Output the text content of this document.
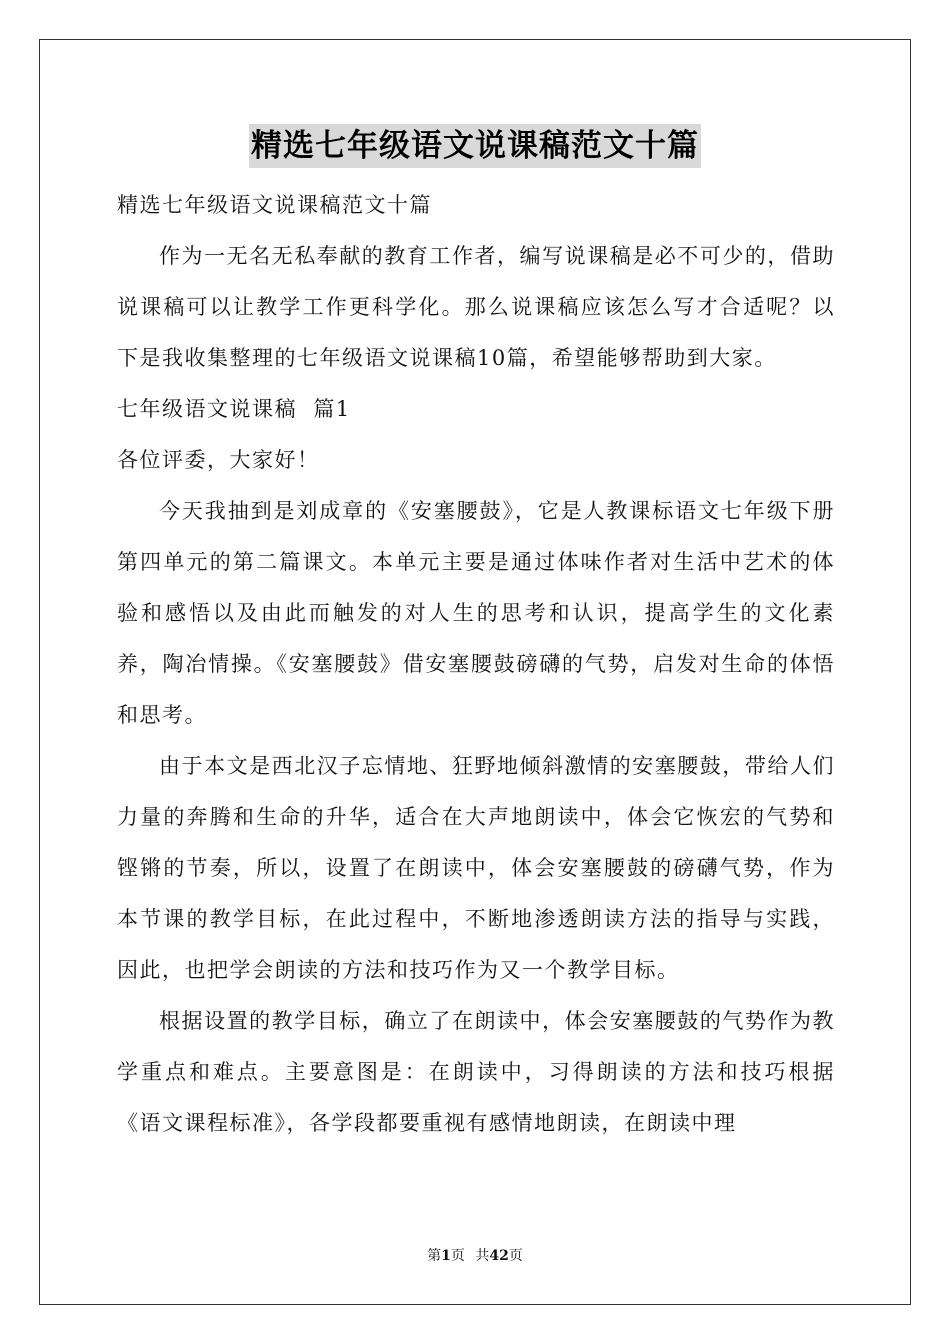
精选七年级语文说课稿范文十篇

精选七年级语文说课稿范文十篇

作为一无名无私奉献的教育工作者，编写说课稿是必不可少的，借助说课稿可以让教学工作更科学化。那么说课稿应该怎么写才合适呢？以下是我收集整理的七年级语文说课稿10篇，希望能够帮助到大家。

七年级语文说课稿  篇1

各位评委，大家好！

今天我抽到是刘成章的《安塞腰鼓》，它是人教课标语文七年级下册第四单元的第二篇课文。本单元主要是通过体味作者对生活中艺术的体验和感悟以及由此而触发的对人生的思考和认识，提高学生的文化素养，陶冶情操。《安塞腰鼓》借安塞腰鼓磅礴的气势，启发对生命的体悟和思考。

由于本文是西北汉子忘情地、狂野地倾斜激情的安塞腰鼓，带给人们力量的奔腾和生命的升华，适合在大声地朗读中，体会它恢宏的气势和铿锵的节奏，所以，设置了在朗读中，体会安塞腰鼓的磅礴气势，作为本节课的教学目标，在此过程中，不断地渗透朗读方法的指导与实践，因此，也把学会朗读的方法和技巧作为又一个教学目标。

根据设置的教学目标，确立了在朗读中，体会安塞腰鼓的气势作为教学重点和难点。主要意图是：在朗读中，习得朗读的方法和技巧根据《语文课程标准》，各学段都要重视有感情地朗读，在朗读中理

第1页 共42页
